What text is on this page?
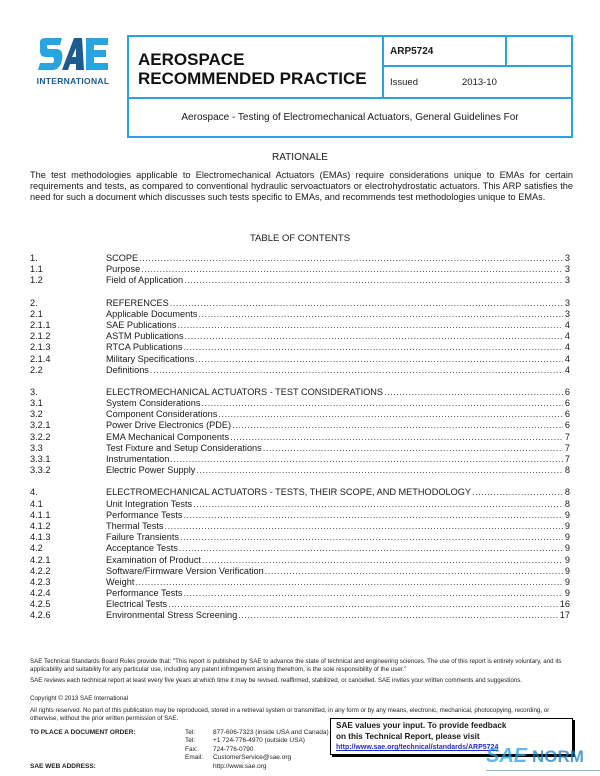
INTERNATIONAL
AEROSPACE
RECOMMENDED PRACTICE
ARP5724
Issued	2013-10
Aerospace - Testing of Electromechanical Actuators, General Guidelines For
RATIONALE
The test methodologies applicable to Electromechanical Actuators (EMAs) require considerations unique to EMAs for certain requirements and tests, as compared to conventional hydraulic servoactuators or electrohydrostatic actuators. This ARP satisfies the need for such a document which discusses such tests specific to EMAs, and recommends test methodologies unique to EMAs.
TABLE OF CONTENTS
1.	SCOPE .....	3
1.1	Purpose .....	3
1.2	Field of Application .....	3
2.	REFERENCES .....	3
2.1	Applicable Documents .....	3
2.1.1	SAE Publications .....	4
2.1.2	ASTM Publications .....	4
2.1.3	RTCA Publications .....	4
2.1.4	Military Specifications .....	4
2.2	Definitions .....	4
3.	ELECTROMECHANICAL ACTUATORS - TEST CONSIDERATIONS .....	6
3.1	System Considerations .....	6
3.2	Component Considerations .....	6
3.2.1	Power Drive Electronics (PDE) .....	6
3.2.2	EMA Mechanical Components .....	7
3.3	Test Fixture and Setup Considerations .....	7
3.3.1	Instrumentation .....	7
3.3.2	Electric Power Supply .....	8
4.	ELECTROMECHANICAL ACTUATORS - TESTS, THEIR SCOPE, AND METHODOLOGY .....	8
4.1	Unit Integration Tests .....	8
4.1.1	Performance Tests .....	9
4.1.2	Thermal Tests .....	9
4.1.3	Failure Transients .....	9
4.2	Acceptance Tests .....	9
4.2.1	Examination of Product .....	9
4.2.2	Software/Firmware Version Verification .....	9
4.2.3	Weight .....	9
4.2.4	Performance Tests .....	9
4.2.5	Electrical Tests .....	16
4.2.6	Environmental Stress Screening .....	17
SAE Technical Standards Board Rules provide that: "This report is published by SAE to advance the state of technical and engineering sciences. The use of this report is entirely voluntary, and its applicability and suitability for any particular use, including any patent infringement arising therefrom, is the sole responsibility of the user."
SAE reviews each technical report at least every five years at which time it may be revised, reaffirmed, stabilized, or cancelled. SAE invites your written comments and suggestions.
Copyright © 2013 SAE International
All rights reserved. No part of this publication may be reproduced, stored in a retrieval system or transmitted, in any form or by any means, electronic, mechanical, photocopying, recording, or otherwise, without the prior written permission of SAE.
TO PLACE A DOCUMENT ORDER:	Tel:	877-606-7323 (inside USA and Canada)
Tel:	+1 724-776-4970 (outside USA)
Fax: 724-776-0790
Email: CustomerService@sae.org
SAE WEB ADDRESS:	http://www.sae.org
SAE values your input. To provide feedback
on this Technical Report, please visit
http://www.sae.org/technical/standards/ARP5724
SAE NORM
